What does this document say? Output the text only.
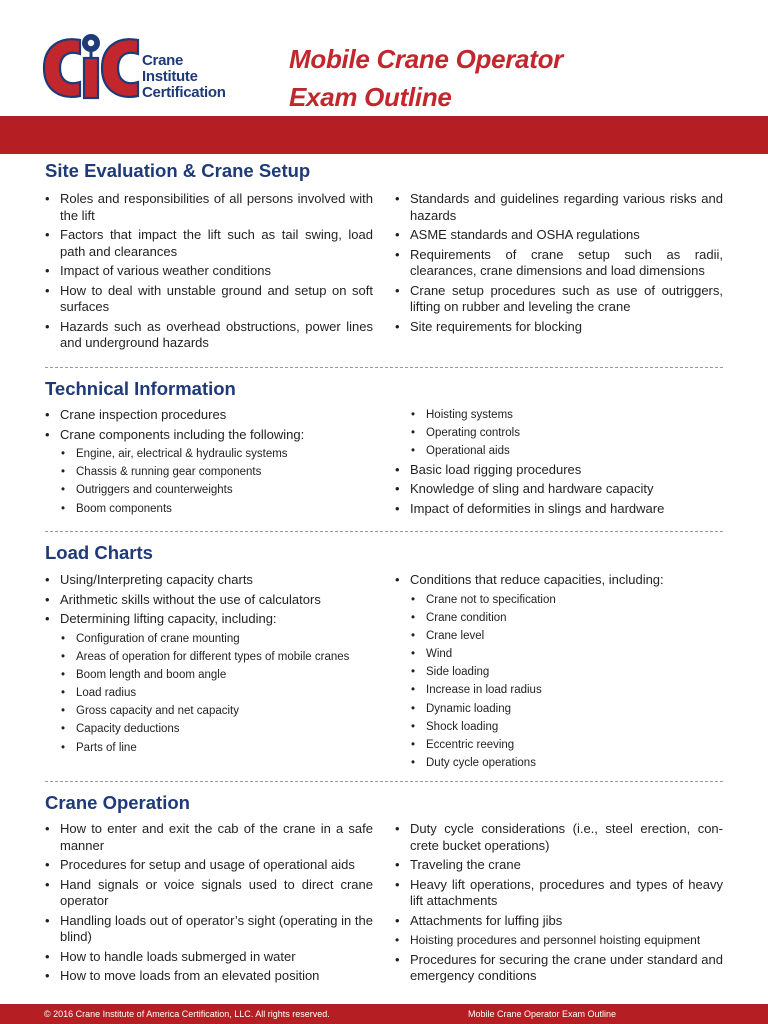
Crane
Institute
Certification
Mobile Crane Operator
Exam Outline
Site Evaluation & Crane Setup
• Roles and responsibilities of all persons involved with the lift
• Factors that impact the lift such as tail swing, load path and clearances
• Impact of various weather conditions
• How to deal with unstable ground and setup on soft surfaces
• Hazards such as overhead obstructions, power lines and underground hazards
• Standards and guidelines regarding various risks and hazards
• ASME standards and OSHA regulations
• Requirements of crane setup such as radii, clearances, crane dimensions and load dimensions
• Crane setup procedures such as use of outriggers, lifting on rubber and leveling the crane
• Site requirements for blocking
Technical Information
• Crane inspection procedures
• Crane components including the following:
• Engine, air, electrical & hydraulic systems
• Chassis & running gear components
• Outriggers and counterweights
• Boom components
• Hoisting systems
• Operating controls
• Operational aids
• Basic load rigging procedures
• Knowledge of sling and hardware capacity
• Impact of deformities in slings and hardware
Load Charts
• Using/Interpreting capacity charts
• Arithmetic skills without the use of calculators
• Determining lifting capacity, including:
• Configuration of crane mounting
• Areas of operation for different types of mobile cranes
• Boom length and boom angle
• Load radius
• Gross capacity and net capacity
• Capacity deductions
• Parts of line
• Conditions that reduce capacities, including:
• Crane not to specification
• Crane condition
• Crane level
• Wind
• Side loading
• Increase in load radius
• Dynamic loading
• Shock loading
• Eccentric reeving
• Duty cycle operations
Crane Operation
• How to enter and exit the cab of the crane in a safe manner
• Procedures for setup and usage of operational aids
• Hand signals or voice signals used to direct crane operator
• Handling loads out of operator’s sight (operating in the blind)
• How to handle loads submerged in water
• How to move loads from an elevated position
• Duty cycle considerations (i.e., steel erection, con-crete bucket operations)
• Traveling the crane
• Heavy lift operations, procedures and types of heavy lift attachments
• Attachments for luffing jibs
• Hoisting procedures and personnel hoisting equipment
• Procedures for securing the crane under standard and emergency conditions
© 2016 Crane Institute of America Certification, LLC. All rights reserved.	Mobile Crane Operator Exam Outline
